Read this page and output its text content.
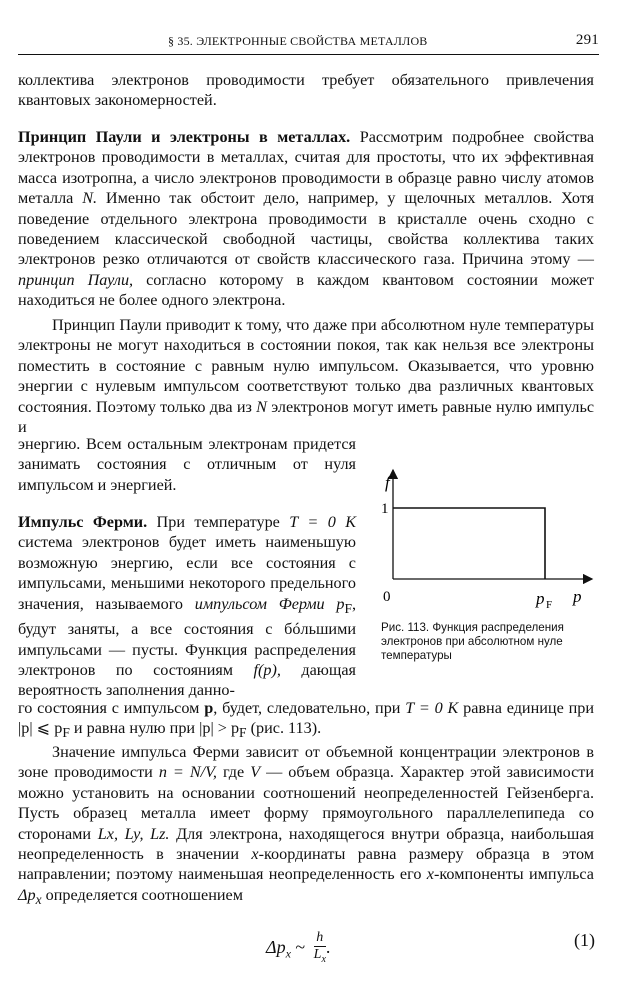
§ 35. ЭЛЕКТРОННЫЕ СВОЙСТВА МЕТАЛЛОВ	291

коллектива электронов проводимости требует обязательного привлечения квантовых закономерностей.

Принцип Паули и электроны в металлах. Рассмотрим подробнее свойства электронов проводимости в металлах, считая для простоты, что их эффективная масса изотропна, а число электронов проводимости в образце равно числу атомов металла N. Именно так обстоит дело, например, у щелочных металлов. Хотя поведение отдельного электрона проводимости в кристалле очень сходно с поведением классической свободной частицы, свойства коллектива таких электронов резко отличаются от свойств классического газа. Причина этому — принцип Паули, согласно которому в каждом квантовом состоянии может находиться не более одного электрона.

Принцип Паули приводит к тому, что даже при абсолютном нуле температуры электроны не могут находиться в состоянии покоя, так как нельзя все электроны поместить в состояние с равным нулю импульсом. Оказывается, что уровню энергии с нулевым импульсом соответствуют только два различных квантовых состояния. Поэтому только два из N электронов могут иметь равные нулю импульс и

энергию. Всем остальным электронам придется занимать состояния с отличным от нуля импульсом и энергией.

Импульс Ферми. При температуре T = 0 K система электронов будет иметь наименьшую возможную энергию, если все состояния с импульсами, меньшими некоторого предельного значения, называемого импульсом Ферми $p_F$, будут заняты, а все состояния с бóльшими импульсами — пусты. Функция распределения электронов по состояниям f(p), дающая вероятность заполнения данно-

го состояния с импульсом p, будет, следовательно, при T = 0 K равна единице при |p| ⩽ $p_F$ и равна нулю при $|p| > p_F$ (рис. 113).

Значение импульса Ферми зависит от объемной концентрации электронов в зоне проводимости n = N/V, где V — объем образца. Характер этой зависимости можно установить на основании соотношений неопределенностей Гейзенберга. Пусть образец металла имеет форму прямоугольного параллелепипеда со сторонами Lx, Ly, Lz. Для электрона, находящегося внутри образца, наибольшая неопределенность в значении x-координаты равна размеру образца в этом направлении; поэтому наименьшая неопределенность его x-компоненты импульса $\Delta p_x$ определяется соотношением

f
1
0	p F p
Рис. 113. Функция распределения электронов при абсолютном нуле температуры
$\Delta p_x$ ~ $\frac{h}{L_x}$ .	(1)
